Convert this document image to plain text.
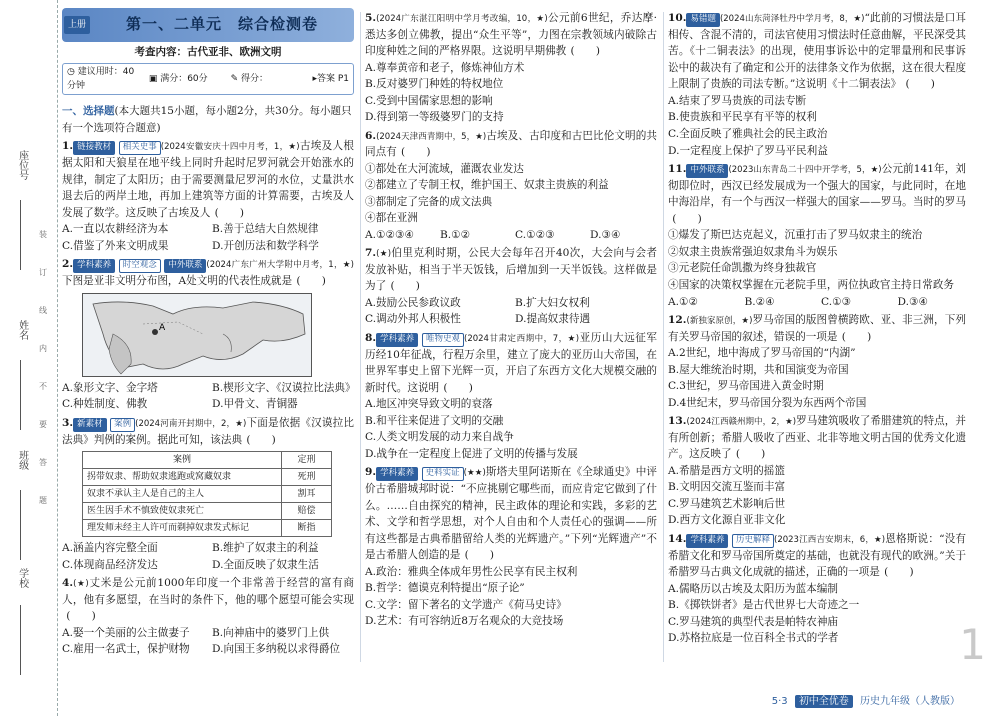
座位号
姓名
班级
学校
装
订
线
内
不
要
答
题
上册	第一、二单元　综合检测卷
考查内容：古代亚非、欧洲文明
◷ 建议用时：40分钟
▣ 满分：60分	✎ 得分：	▸答案 P1
一、选择题(本大题共15小题，每小题2分，共30分。每小题只有一个选项符合题意)
1. 链接教材 相关史事 (2024安徽安庆十四中月考，1，★)古埃及人根据太阳和天狼星在地平线上同时升起时尼罗河就会开始涨水的规律，制定了太阳历；由于需要测量尼罗河的水位，丈量洪水退去后的两岸土地，再加上建筑等方面的计算需要，古埃及人发展了数学。这反映了古埃及人 (　　)
A.一直以农耕经济为本	B.善于总结大自然规律
C.借鉴了外来文明成果	D.开创历法和数学科学
2. 学科素养 时空观念 中外联系 (2024广东广州大学附中月考，1，★)下图是亚非文明分布图，A处文明的代表性成就是 (　　)
A
A.象形文字、金字塔	B.楔形文字、《汉谟拉比法典》
C.种姓制度、佛教	D.甲骨文、青铜器
3. 新素材 案例 (2024河南开封期中，2，★)下面是依据《汉谟拉比法典》判例的案例。据此可知，该法典 (　　)
案例	定刑
拐带奴隶、帮助奴隶逃跑或窝藏奴隶	死刑
奴隶不承认主人是自己的主人	割耳
医生因手术不慎致使奴隶死亡	赔偿
理发师未经主人许可而剃掉奴隶发式标记	断指
A.涵盖内容完整全面	B.维护了奴隶主的利益
C.体现商品经济发达	D.全面反映了奴隶生活
4.(★)丈米是公元前1000年印度一个非常善于经营的富有商人，他有多愿望，在当时的条件下，他的哪个愿望可能会实现(　　)
A.娶一个美丽的公主做妻子	B.向神庙中的婆罗门上供
C.雇用一名武士，保护财物	D.向国王多纳税以求得爵位
5.(2024广东湛江阳明中学月考改编，10，★)公元前6世纪，乔达摩·悉达多创立佛教，提出“众生平等”，力图在宗教领域内破除古印度种姓之间的严格界限。这说明早期佛教 (　　)
A.尊奉黄帝和老子，修炼神仙方术
B.反对婆罗门种姓的特权地位
C.受到中国儒家思想的影响
D.得到第一等级婆罗门的支持
6.(2024天津西青期中，5，★)古埃及、古印度和古巴比伦文明的共同点有 (　　)
①都处在大河流域，灌溉农业发达
②都建立了专制王权，维护国王、奴隶主贵族的利益
③都制定了完备的成文法典
④都在亚洲
A.①②③④	B.①②	C.①②③	D.③④
7.(★)伯里克利时期，公民大会每年召开40次，大会向与会者发放补贴，相当于半天饭钱，后增加到一天半饭钱。这样做是为了 (　　)
A.鼓励公民参政议政	B.扩大妇女权利
C.调动外邦人积极性	D.提高奴隶待遇
8. 学科素养 唯物史观 (2024甘肃定西期中，7，★)亚历山大远征军历经10年征战，行程万余里，建立了庞大的亚历山大帝国，在世界军事史上留下光辉一页，开启了东西方文化大规模交融的新时代。这说明 (　　)
A.地区冲突导致文明的衰落
B.和平往来促进了文明的交融
C.人类文明发展的动力来自战争
D.战争在一定程度上促进了文明的传播与发展
9. 学科素养 史料实证 (★★)斯塔夫里阿诺斯在《全球通史》中评价古希腊城邦时说：“不应挑剔它哪些而，而应肯定它做到了什么。……自由探究的精神，民主政体的理论和实践，多彩的艺术、文学和哲学思想，对个人自由和个人责任心的强调——所有这些都是古典希腊留给人类的光辉遗产。”下列“光辉遗产”不是古希腊人创造的是 (　　)
A.政治：雅典全体成年男性公民享有民主权利
B.哲学：德谟克利特提出“原子论”
C.文学：留下著名的文学遗产《荷马史诗》
D.艺术：有可容纳近8万名观众的大竞技场
10. 易错题 (2024山东菏泽牡丹中学月考，8，★)“此前的习惯法是口耳相传、含混不清的，司法官使用习惯法时任意曲解，平民深受其苦。《十二铜表法》的出现，使用事诉讼中的定罪量刑和民事诉讼中的裁决有了确定和公开的法律条文作为依据，这在很大程度上限制了贵族的司法专断。”这说明《十二铜表法》 (　　)
A.结束了罗马贵族的司法专断
B.使贵族和平民享有平等的权利
C.全面反映了雅典社会的民主政治
D.一定程度上保护了罗马平民利益
11. 中外联系 (2023山东青岛二十四中开学考，5，★)公元前141年，刘彻即位时，西汉已经发展成为一个强大的国家，与此同时，在地中海沿岸，有一个与西汉一样强大的国家——罗马。当时的罗马(　　)
①爆发了斯巴达克起义，沉重打击了罗马奴隶主的统治
②奴隶主贵族常强迫奴隶角斗为娱乐
③元老院任命凯撒为终身独裁官
④国家的决策权掌握在元老院手里，两位执政官主持日常政务
A.①②	B.②④	C.①③	D.③④
12.(新独家原创，★)罗马帝国的版图曾横跨欧、亚、非三洲，下列有关罗马帝国的叙述，错误的一项是 (　　)
A.2世纪，地中海成了罗马帝国的“内湖”
B.屋大维统治时期，共和国演变为帝国
C.3世纪，罗马帝国进入黄金时期
D.4世纪末，罗马帝国分裂为东西两个帝国
13.(2024江西赣州期中，2，★)罗马建筑吸收了希腊建筑的特点，并有所创新；希腊人吸收了西亚、北非等地文明古国的优秀文化遗产。这反映了 (　　)
A.希腊是西方文明的摇篮
B.文明因交流互鉴而丰富
C.罗马建筑艺术影响后世
D.西方文化源自亚非文化
14. 学科素养 历史解释 (2023江西吉安期末，6，★)恩格斯说：“没有希腊文化和罗马帝国所奠定的基础，也就没有现代的欧洲。”关于希腊罗马古典文化成就的描述，正确的一项是 (　　)
A.儒略历以古埃及太阳历为蓝本编制
B.《掷铁饼者》是古代世界七大奇迹之一
C.罗马建筑的典型代表是帕特农神庙
D.苏格拉底是一位百科全书式的学者	1
5·3 初中全优卷 历史九年级（人教版）
